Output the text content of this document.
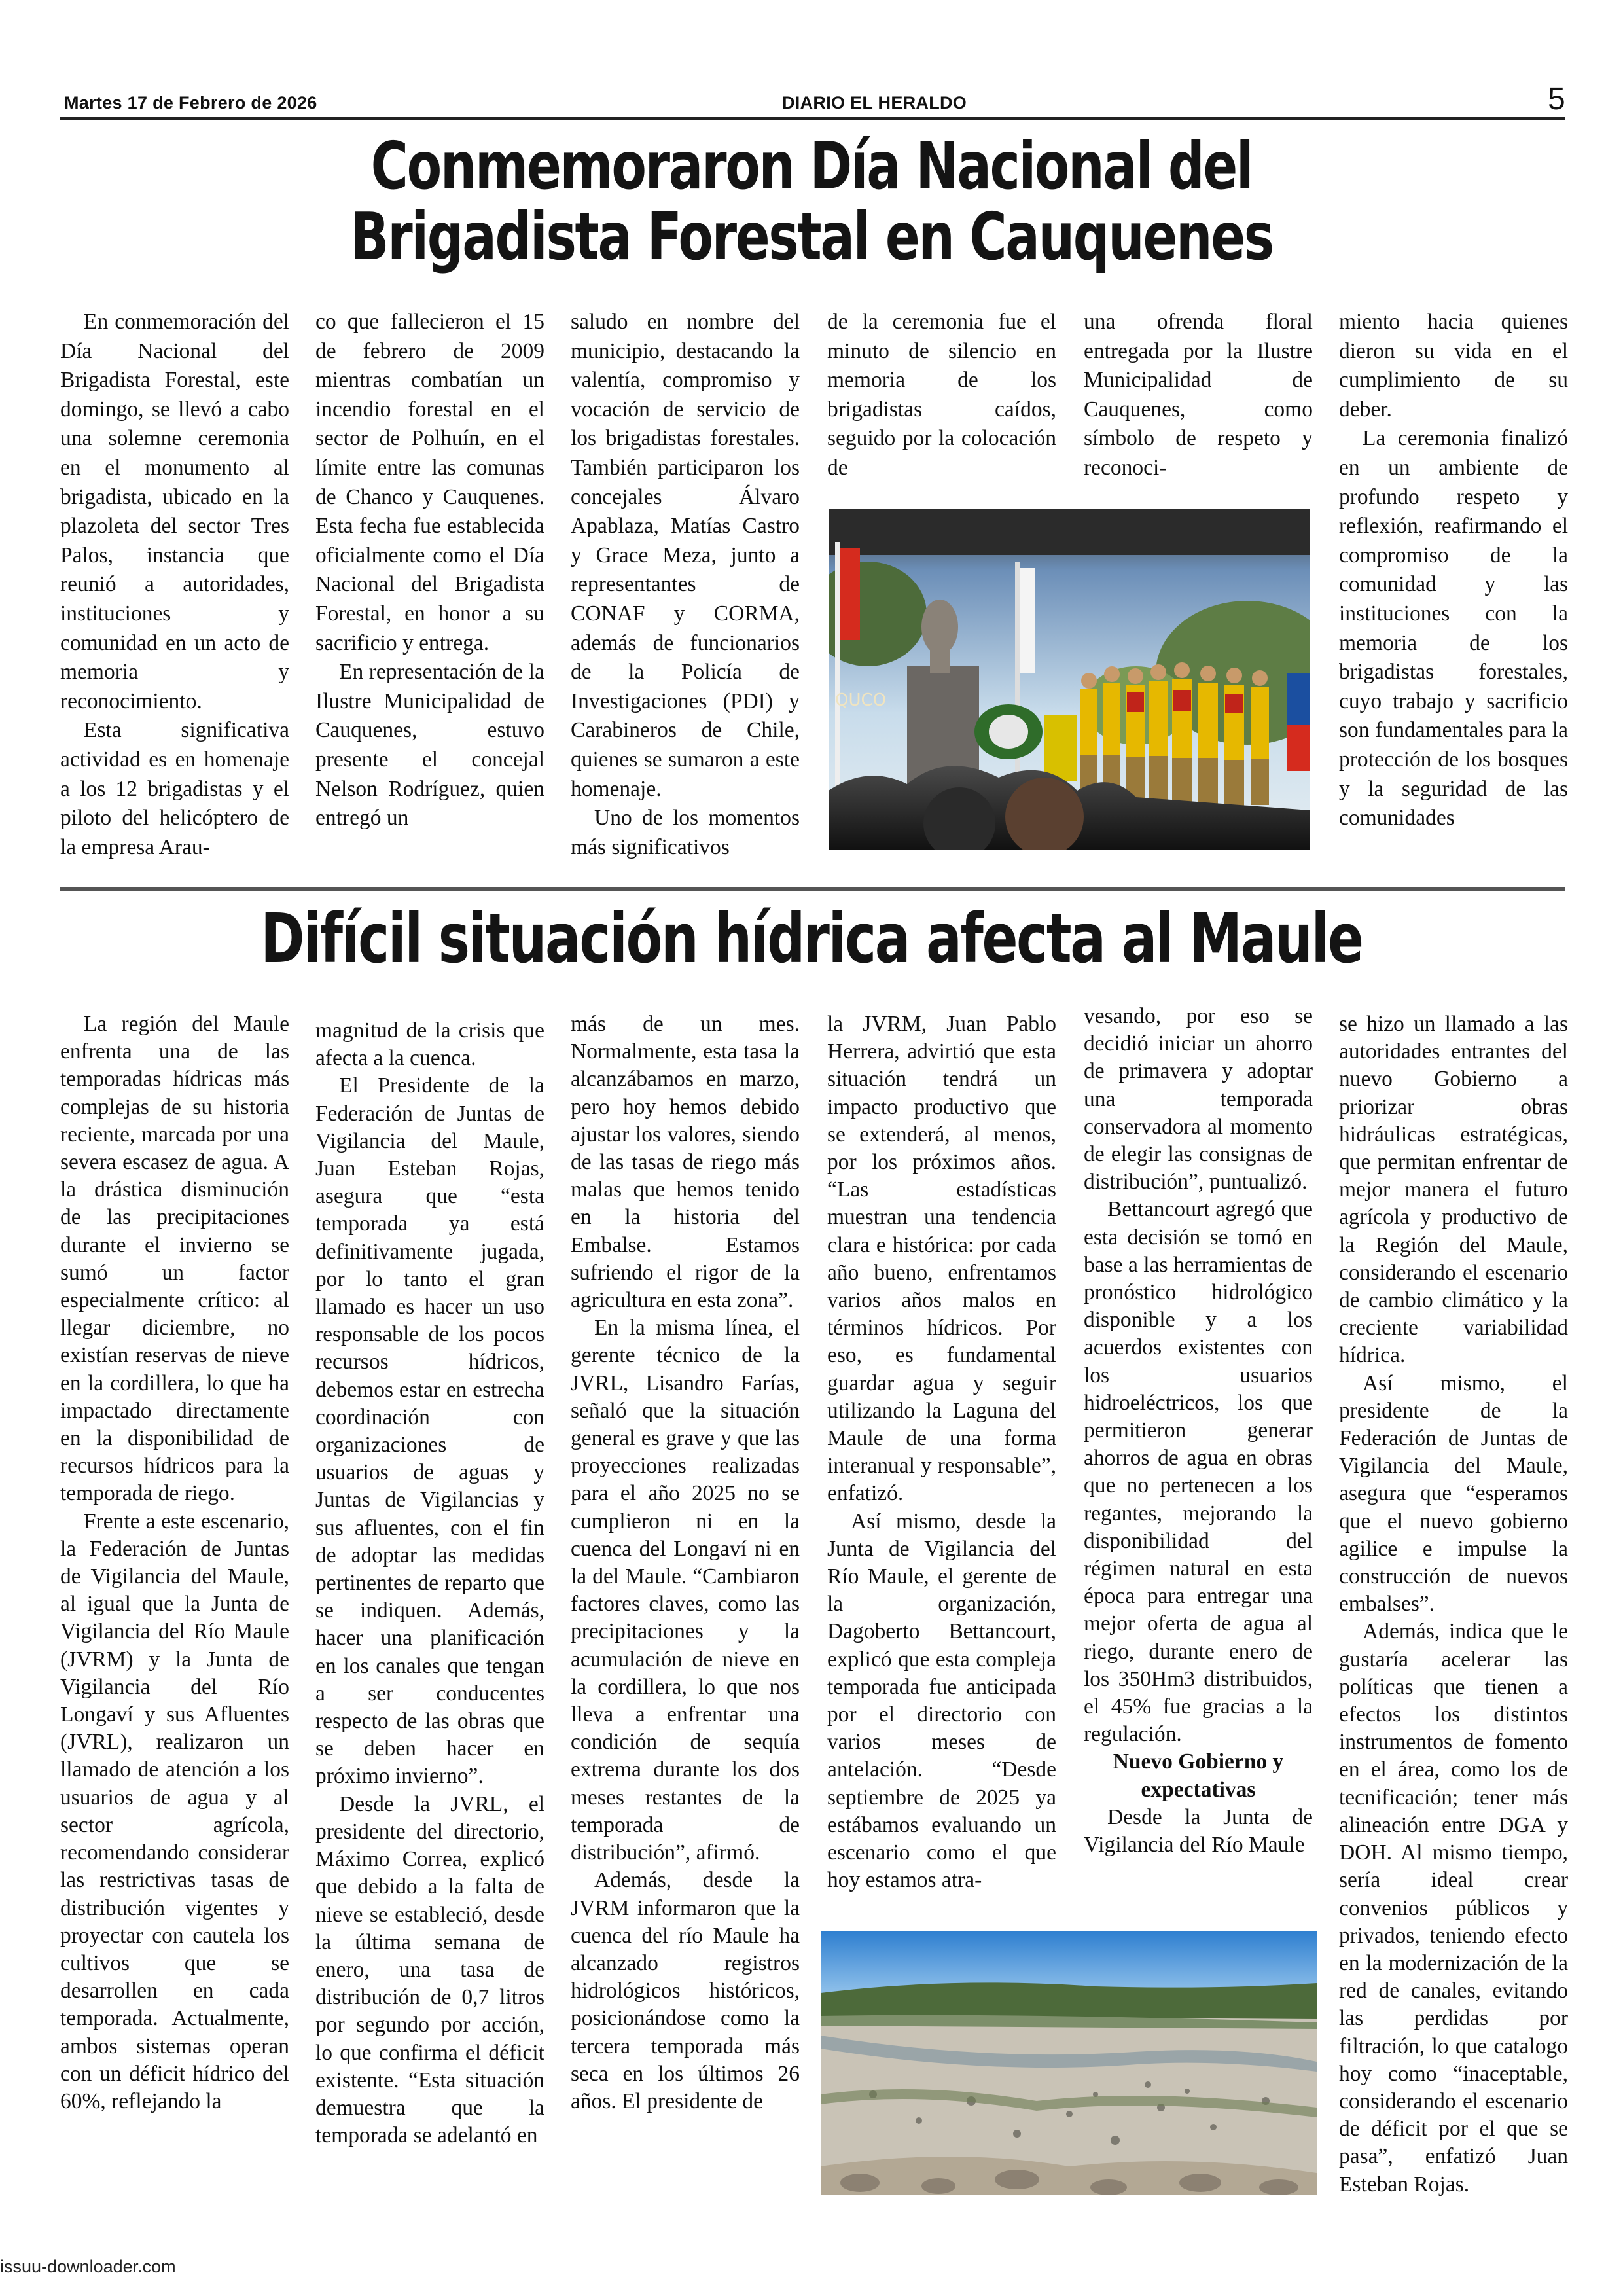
Martes 17 de Febrero de 2026	DIARIO EL HERALDO	5
Conmemoraron Día Nacional del
Brigadista Forestal en Cauquenes

En conmemoración del Día Nacional del Brigadista Forestal, este domingo, se llevó a cabo una solemne ceremonia en el monumento al brigadista, ubicado en la plazoleta del sector Tres Palos, instancia que reunió a autoridades, instituciones y comunidad en un acto de memoria y reconocimiento.

Esta significativa actividad es en homenaje a los 12 brigadistas y el piloto del helicóptero de la empresa Arau-

co que fallecieron el 15 de febrero de 2009 mientras combatían un incendio forestal en el sector de Polhuín, en el límite entre las comunas de Chanco y Cauquenes. Esta fecha fue establecida oficialmente como el Día Nacional del Brigadista Forestal, en honor a su sacrificio y entrega.

En representación de la Ilustre Municipalidad de Cauquenes, estuvo presente el concejal Nelson Rodríguez, quien entregó un

saludo en nombre del municipio, destacando la valentía, compromiso y vocación de servicio de los brigadistas forestales. También participaron los concejales Álvaro Apablaza, Matías Castro y Grace Meza, junto a representantes de CONAF y CORMA, además de funcionarios de la Policía de Investigaciones (PDI) y Carabineros de Chile, quienes se sumaron a este homenaje.

Uno de los momentos más significativos

de la ceremonia fue el minuto de silencio en memoria de los brigadistas caídos, seguido por la colocación de

una ofrenda floral entregada por la Ilustre Municipalidad de Cauquenes, como símbolo de respeto y reconoci-

miento hacia quienes dieron su vida en el cumplimiento de su deber.

La ceremonia finalizó en un ambiente de profundo respeto y reflexión, reafirmando el compromiso de la comunidad y las instituciones con la memoria de los brigadistas forestales, cuyo trabajo y sacrificio son fundamentales para la protección de los bosques y la seguridad de las comunidades

QUCO
Difícil situación hídrica afecta al Maule

La región del Maule enfrenta una de las temporadas hídricas más complejas de su historia reciente, marcada por una severa escasez de agua. A la drástica disminución de las precipitaciones durante el invierno se sumó un factor especialmente crítico: al llegar diciembre, no existían reservas de nieve en la cordillera, lo que ha impactado directamente en la disponibilidad de recursos hídricos para la temporada de riego.

Frente a este escenario, la Federación de Juntas de Vigilancia del Maule, al igual que la Junta de Vigilancia del Río Maule (JVRM) y la Junta de Vigilancia del Río Longaví y sus Afluentes (JVRL), realizaron un llamado de atención a los usuarios de agua y al sector agrícola, recomendando considerar las restrictivas tasas de distribución vigentes y proyectar con cautela los cultivos que se desarrollen en cada temporada. Actualmente, ambos sistemas operan con un déficit hídrico del 60%, reflejando la

magnitud de la crisis que afecta a la cuenca.

El Presidente de la Federación de Juntas de Vigilancia del Maule, Juan Esteban Rojas, asegura que “esta temporada ya está definitivamente jugada, por lo tanto el gran llamado es hacer un uso responsable de los pocos recursos hídricos, debemos estar en estrecha coordinación con organizaciones de usuarios de aguas y Juntas de Vigilancias y sus afluentes, con el fin de adoptar las medidas pertinentes de reparto que se indiquen. Además, hacer una planificación en los canales que tengan a ser conducentes respecto de las obras que se deben hacer en próximo invierno”.

Desde la JVRL, el presidente del directorio, Máximo Correa, explicó que debido a la falta de nieve se estableció, desde la última semana de enero, una tasa de distribución de 0,7 litros por segundo por acción, lo que confirma el déficit existente. “Esta situación demuestra que la temporada se adelantó en

más de un mes. Normalmente, esta tasa la alcanzábamos en marzo, pero hoy hemos debido ajustar los valores, siendo de las tasas de riego más malas que hemos tenido en la historia del Embalse. Estamos sufriendo el rigor de la agricultura en esta zona”.

En la misma línea, el gerente técnico de la JVRL, Lisandro Farías, señaló que la situación general es grave y que las proyecciones realizadas para el año 2025 no se cumplieron ni en la cuenca del Longaví ni en la del Maule. “Cambiaron factores claves, como las precipitaciones y la acumulación de nieve en la cordillera, lo que nos lleva a enfrentar una condición de sequía extrema durante los dos meses restantes de la temporada de distribución”, afirmó.

Además, desde la JVRM informaron que la cuenca del río Maule ha alcanzado registros hidrológicos históricos, posicionándose como la tercera temporada más seca en los últimos 26 años. El presidente de

la JVRM, Juan Pablo Herrera, advirtió que esta situación tendrá un impacto productivo que se extenderá, al menos, por los próximos años. “Las estadísticas muestran una tendencia clara e histórica: por cada año bueno, enfrentamos varios años malos en términos hídricos. Por eso, es fundamental guardar agua y seguir utilizando la Laguna del Maule de una forma interanual y responsable”, enfatizó.

Así mismo, desde la Junta de Vigilancia del Río Maule, el gerente de la organización, Dagoberto Bettancourt, explicó que esta compleja temporada fue anticipada por el directorio con varios meses de antelación. “Desde septiembre de 2025 ya estábamos evaluando un escenario como el que hoy estamos atra-

vesando, por eso se decidió iniciar un ahorro de primavera y adoptar una temporada conservadora al momento de elegir las consignas de distribución”, puntualizó.

Bettancourt agregó que esta decisión se tomó en base a las herramientas de pronóstico hidrológico disponible y a los acuerdos existentes con los usuarios hidroeléctricos, los que permitieron generar ahorros de agua en obras que no pertenecen a los regantes, mejorando la disponibilidad del régimen natural en esta época para entregar una mejor oferta de agua al riego, durante enero de los 350Hm3 distribuidos, el 45% fue gracias a la regulación.

Nuevo Gobierno y expectativas

Desde la Junta de Vigilancia del Río Maule

se hizo un llamado a las autoridades entrantes del nuevo Gobierno a priorizar obras hidráulicas estratégicas, que permitan enfrentar de mejor manera el futuro agrícola y productivo de la Región del Maule, considerando el escenario de cambio climático y la creciente variabilidad hídrica.

Así mismo, el presidente de la Federación de Juntas de Vigilancia del Maule, asegura que “esperamos que el nuevo gobierno agilice e impulse la construcción de nuevos embalses”.

Además, indica que le gustaría acelerar las políticas que tienen a efectos los distintos instrumentos de fomento en el área, como los de tecnificación; tener más alineación entre DGA y DOH. Al mismo tiempo, sería ideal crear convenios públicos y privados, teniendo efecto en la modernización de la red de canales, evitando las perdidas por filtración, lo que catalogo hoy como “inaceptable, considerando el escenario de déficit por el que se pasa”, enfatizó Juan Esteban Rojas.

issuu-downloader.com
